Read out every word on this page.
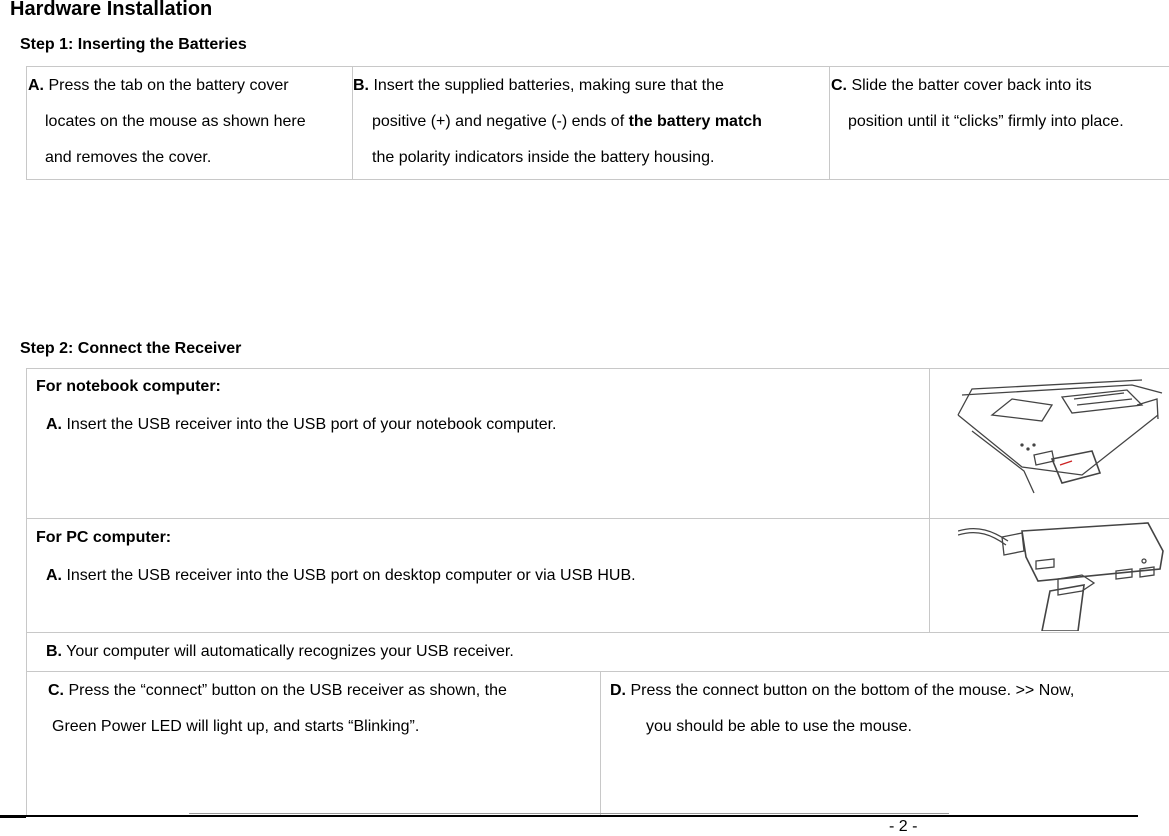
Hardware Installation
Step 1: Inserting the Batteries
A. Press the tab on the battery cover
locates on the mouse as shown here
and removes the cover.
B. Insert the supplied batteries, making sure that the
positive (+) and negative (-) ends of the battery match
the polarity indicators inside the battery housing.
C. Slide the batter cover back into its
position until it “clicks” firmly into place.
Step 2: Connect the Receiver
For notebook computer:
A. Insert the USB receiver into the USB port of your notebook computer.
For PC computer:
A. Insert the USB receiver into the USB port on desktop computer or via USB HUB.
B. Your computer will automatically recognizes your USB receiver.
C. Press the “connect” button on the USB receiver as shown, the
Green Power LED will light up, and starts “Blinking”.
D. Press the connect button on the bottom of the mouse. >> Now,
you should be able to use the mouse.
- 2 -
